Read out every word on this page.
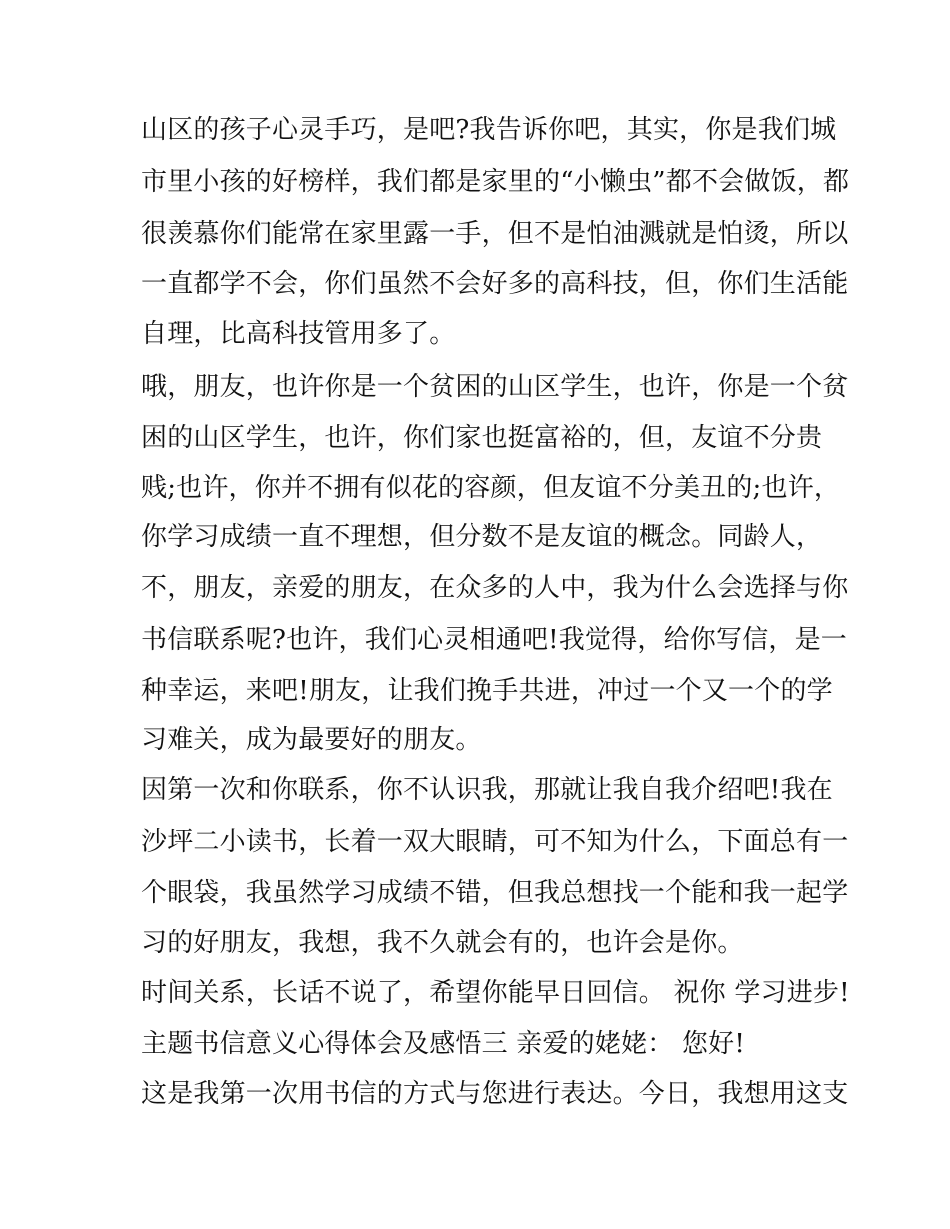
山区的孩子心灵手巧，是吧?我告诉你吧，其实，你是我们城
市里小孩的好榜样，我们都是家里的“小懒虫”都不会做饭，都
很羡慕你们能常在家里露一手，但不是怕油溅就是怕烫，所以
一直都学不会，你们虽然不会好多的高科技，但，你们生活能
自理，比高科技管用多了。
哦，朋友，也许你是一个贫困的山区学生，也许，你是一个贫
困的山区学生，也许，你们家也挺富裕的，但，友谊不分贵
贱;也许，你并不拥有似花的容颜，但友谊不分美丑的;也许，
你学习成绩一直不理想，但分数不是友谊的概念。同龄人，
不，朋友，亲爱的朋友，在众多的人中，我为什么会选择与你
书信联系呢?也许，我们心灵相通吧!我觉得，给你写信，是一
种幸运，来吧!朋友，让我们挽手共进，冲过一个又一个的学
习难关，成为最要好的朋友。
因第一次和你联系，你不认识我，那就让我自我介绍吧!我在
沙坪二小读书，长着一双大眼睛，可不知为什么，下面总有一
个眼袋，我虽然学习成绩不错，但我总想找一个能和我一起学
习的好朋友，我想，我不久就会有的，也许会是你。
时间关系，长话不说了，希望你能早日回信。 祝你 学习进步!
主题书信意义心得体会及感悟三 亲爱的姥姥： 您好!
这是我第一次用书信的方式与您进行表达。今日，我想用这支
